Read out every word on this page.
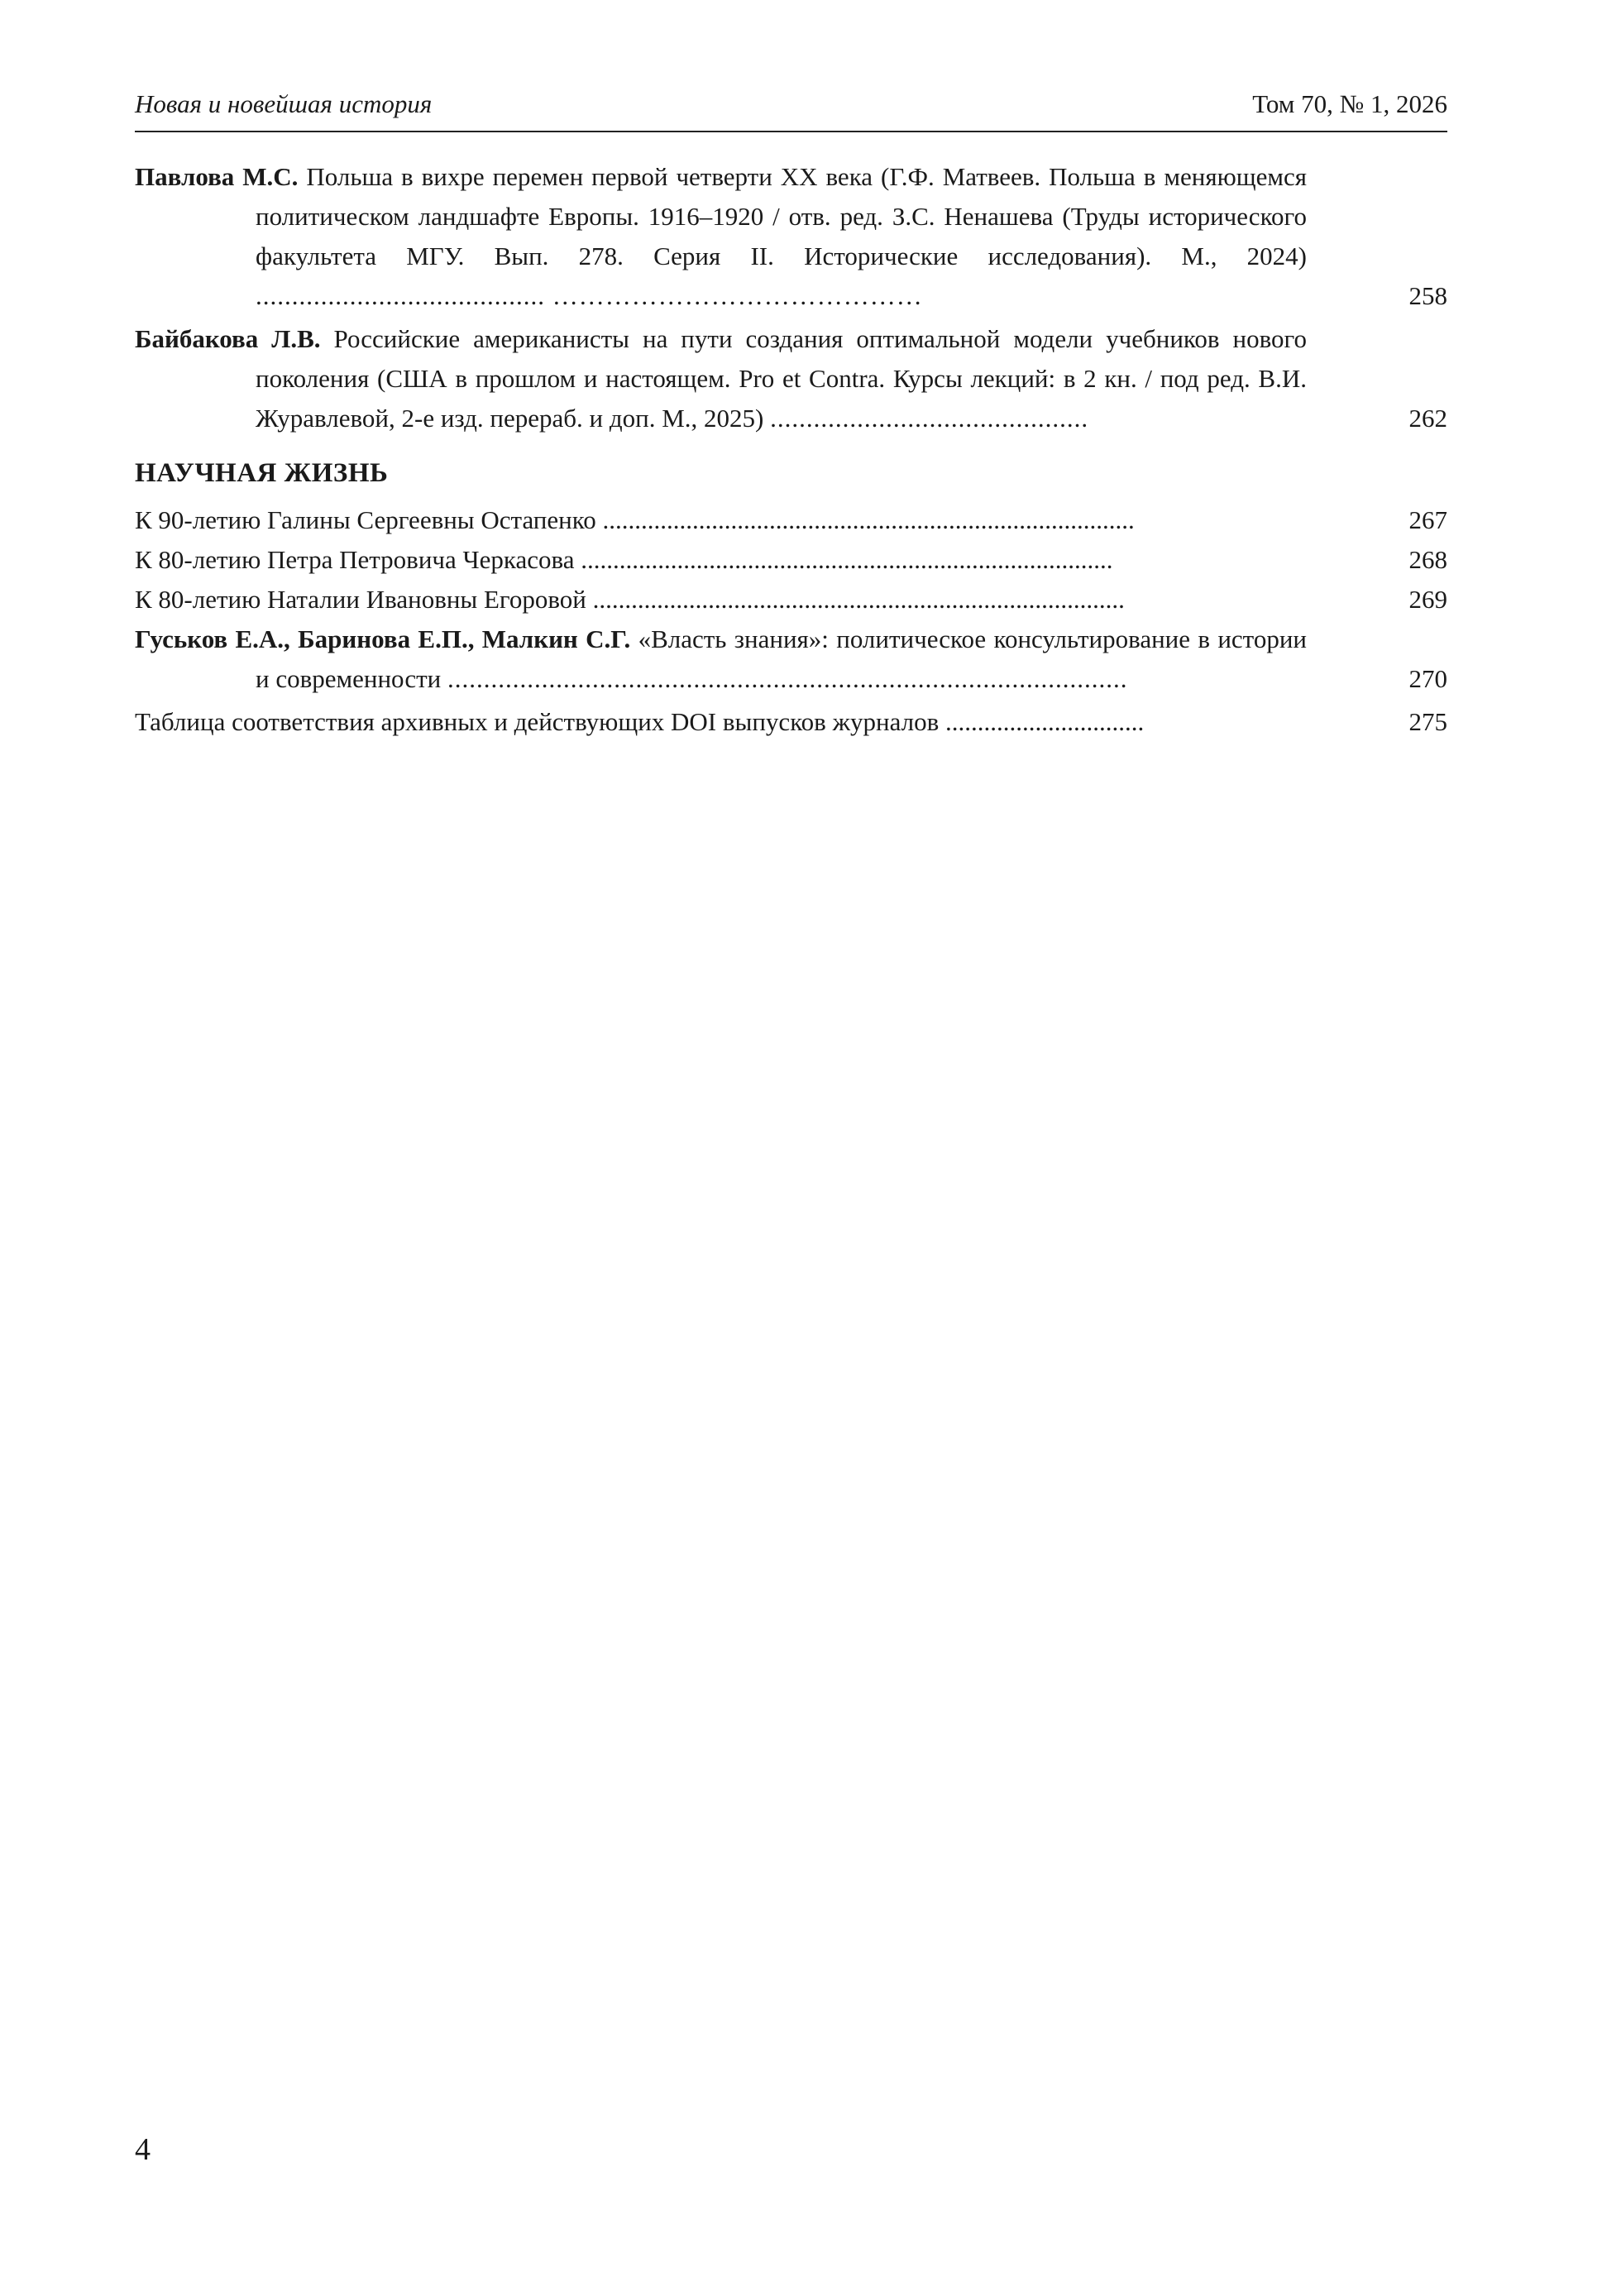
Новая и новейшая история	Том 70, № 1, 2026
Павлова М.С. Польша в вихре перемен первой четверти XX века (Г.Ф. Матвеев. Польша в меняющемся политическом ландшафте Европы. 1916–1920 / отв. ред. З.С. Ненашева (Труды исторического факультета МГУ. Вып. 278. Серия II. Исторические исследования). М., 2024) ........................................ ……………………………………	258
Байбакова Л.В. Российские американисты на пути создания оптимальной модели учебников нового поколения (США в прошлом и настоящем. Pro et Contra. Курсы лекций: в 2 кн. / под ред. В.И. Журавлевой, 2-е изд. перераб. и доп. М., 2025) ............................................	262
НАУЧНАЯ ЖИЗНЬ
К 90-летию Галины Сергеевны Остапенко ...................................................................................	267
К 80-летию Петра Петровича Черкасова ...................................................................................	268
К 80-летию Наталии Ивановны Егоровой ...................................................................................	269
Гуськов Е.А., Баринова Е.П., Малкин С.Г. «Власть знания»: политическое консультирование в истории и современности ..............................................................................................	270
Таблица соответствия архивных и действующих DOI выпусков журналов ...............................	275
4
